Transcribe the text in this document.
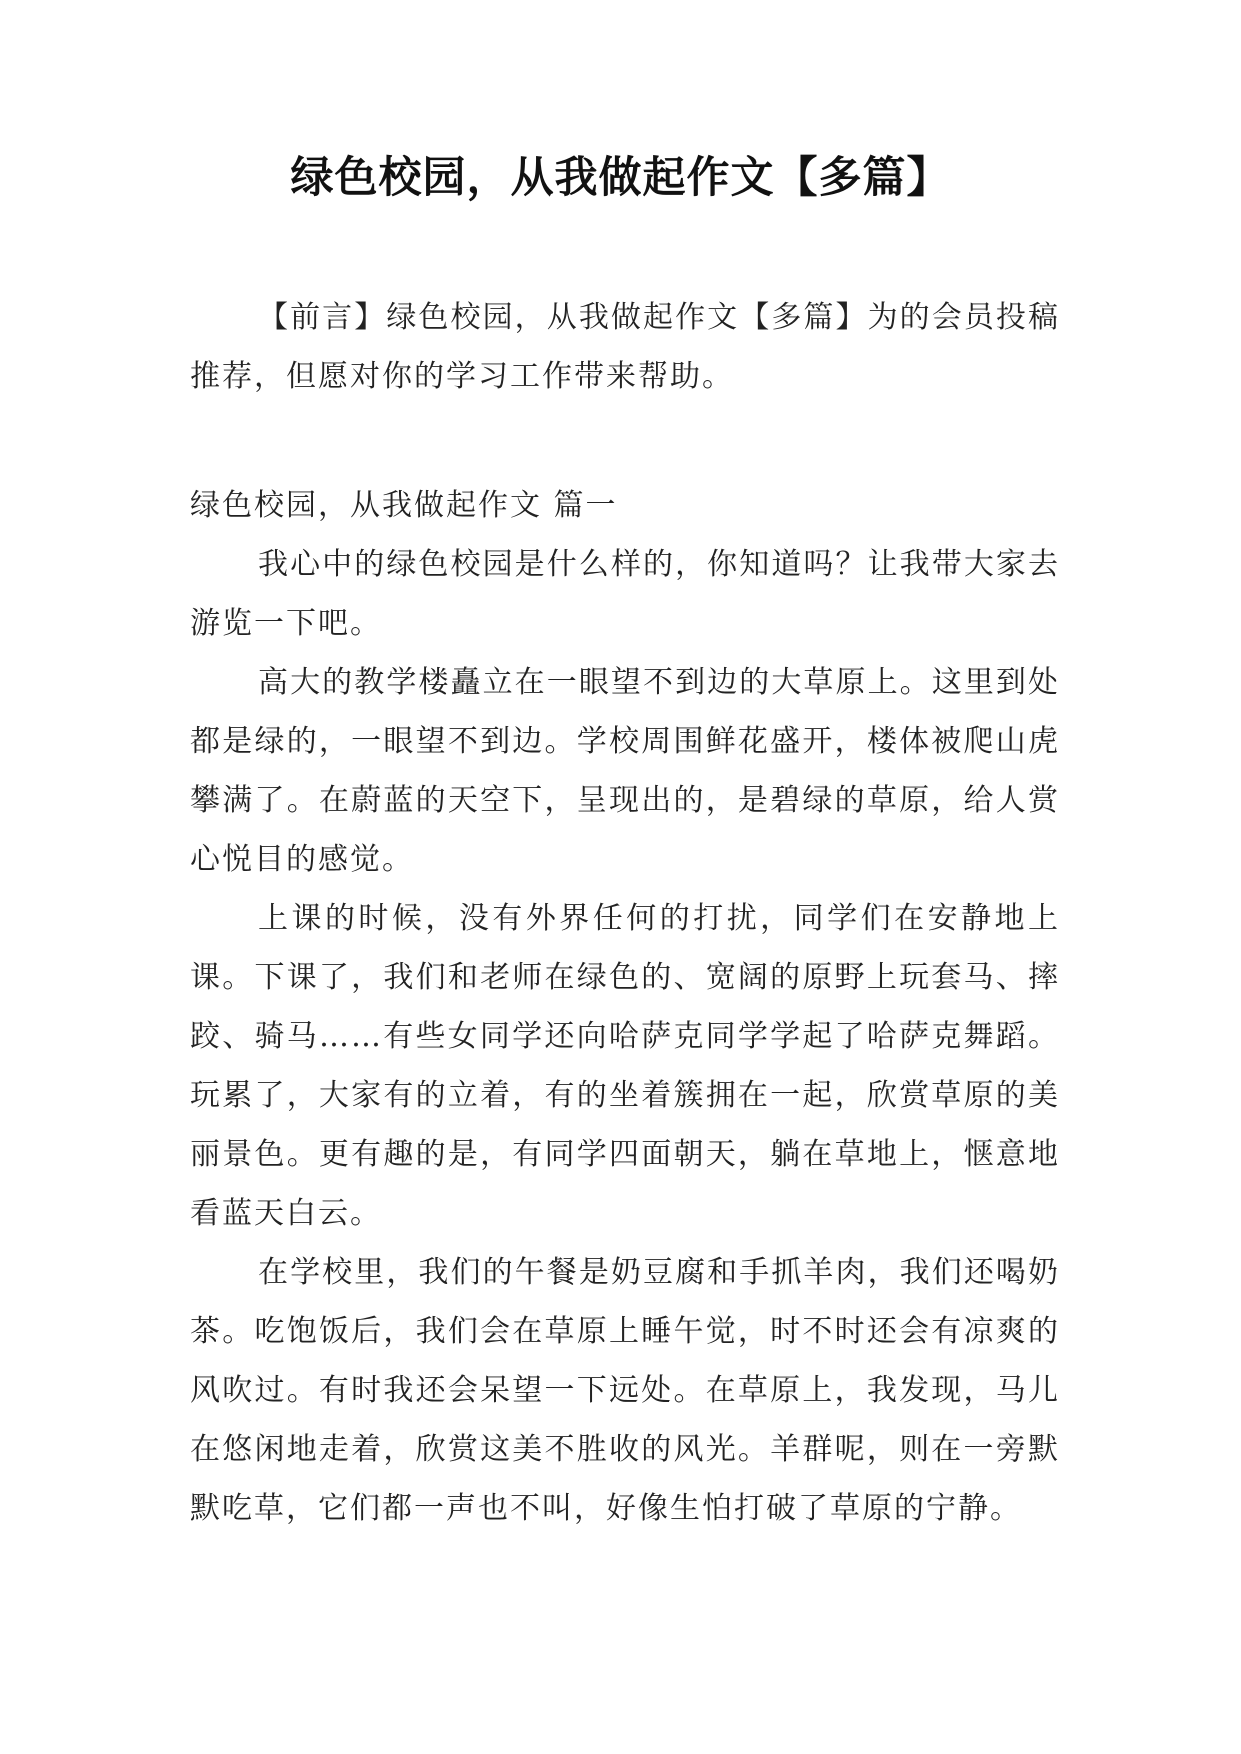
绿色校园，从我做起作文【多篇】

【前言】绿色校园，从我做起作文【多篇】为的会员投稿推荐，但愿对你的学习工作带来帮助。

绿色校园，从我做起作文 篇一

我心中的绿色校园是什么样的，你知道吗？让我带大家去游览一下吧。

高大的教学楼矗立在一眼望不到边的大草原上。这里到处都是绿的，一眼望不到边。学校周围鲜花盛开，楼体被爬山虎攀满了。在蔚蓝的天空下，呈现出的，是碧绿的草原，给人赏心悦目的感觉。

上课的时候，没有外界任何的打扰，同学们在安静地上课。下课了，我们和老师在绿色的、宽阔的原野上玩套马、摔跤、骑马……有些女同学还向哈萨克同学学起了哈萨克舞蹈。玩累了，大家有的立着，有的坐着簇拥在一起，欣赏草原的美丽景色。更有趣的是，有同学四面朝天，躺在草地上，惬意地看蓝天白云。

在学校里，我们的午餐是奶豆腐和手抓羊肉，我们还喝奶茶。吃饱饭后，我们会在草原上睡午觉，时不时还会有凉爽的风吹过。有时我还会呆望一下远处。在草原上，我发现，马儿在悠闲地走着，欣赏这美不胜收的风光。羊群呢，则在一旁默默吃草，它们都一声也不叫，好像生怕打破了草原的宁静。
